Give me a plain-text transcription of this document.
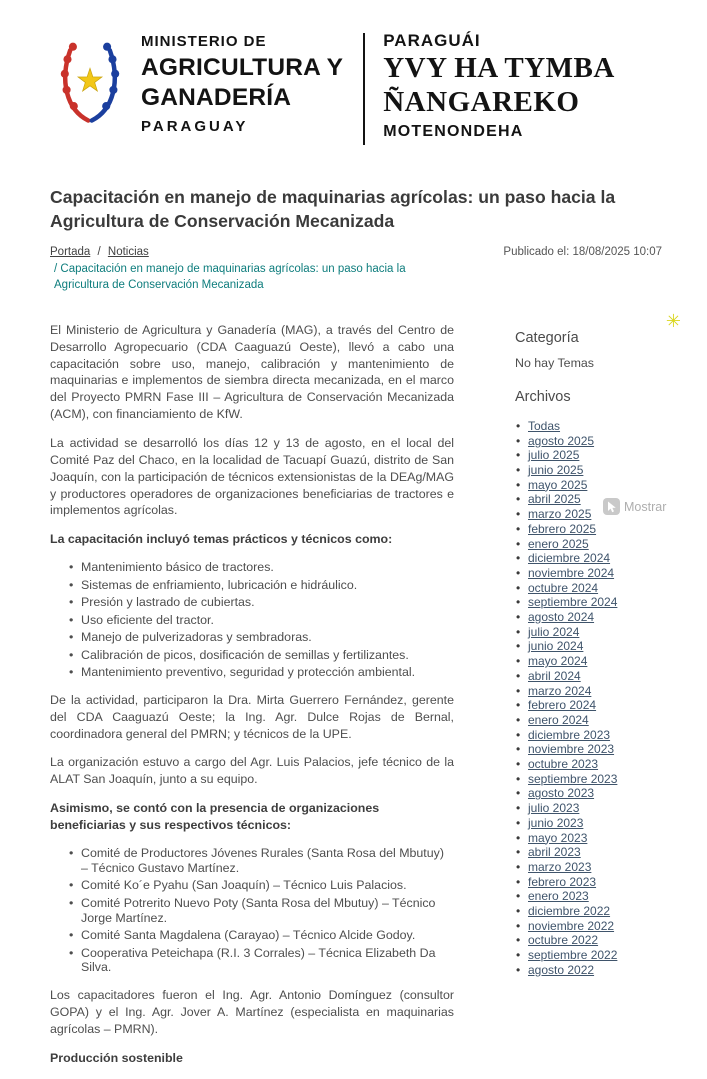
MINISTERIO DE
AGRICULTURA Y
GANADERÍA
PARAGUAY
PARAGUÁI
YVY HA TYMBA
ÑANGAREKO
MOTENONDEHA
Capacitación en manejo de maquinarias agrícolas: un paso hacia la Agricultura de Conservación Mecanizada
Portada / Noticias	Publicado el: 18/08/2025 10:07
/ Capacitación en manejo de maquinarias agrícolas: un paso hacia la Agricultura de Conservación Mecanizada

El Ministerio de Agricultura y Ganadería (MAG), a través del Centro de Desarrollo Agropecuario (CDA Caaguazú Oeste), llevó a cabo una capacitación sobre uso, manejo, calibración y mantenimiento de maquinarias e implementos de siembra directa mecanizada, en el marco del Proyecto PMRN Fase III – Agricultura de Conservación Mecanizada (ACM), con financiamiento de KfW.

La actividad se desarrolló los días 12 y 13 de agosto, en el local del Comité Paz del Chaco, en la localidad de Tacuapí Guazú, distrito de San Joaquín, con la participación de técnicos extensionistas de la DEAg/MAG y productores operadores de organizaciones beneficiarias de tractores e implementos agrícolas.

La capacitación incluyó temas prácticos y técnicos como:

• Mantenimiento básico de tractores.
• Sistemas de enfriamiento, lubricación e hidráulico.
• Presión y lastrado de cubiertas.
• Uso eficiente del tractor.
• Manejo de pulverizadoras y sembradoras.
• Calibración de picos, dosificación de semillas y fertilizantes.
• Mantenimiento preventivo, seguridad y protección ambiental.

De la actividad, participaron la Dra. Mirta Guerrero Fernández, gerente del CDA Caaguazú Oeste; la Ing. Agr. Dulce Rojas de Bernal, coordinadora general del PMRN; y técnicos de la UPE.

La organización estuvo a cargo del Agr. Luis Palacios, jefe técnico de la ALAT San Joaquín, junto a su equipo.

Asimismo, se contó con la presencia de organizaciones beneficiarias y sus respectivos técnicos:

• Comité de Productores Jóvenes Rurales (Santa Rosa del Mbutuy) – Técnico Gustavo Martínez.
• Comité Ko´e Pyahu (San Joaquín) – Técnico Luis Palacios.
• Comité Potrerito Nuevo Poty (Santa Rosa del Mbutuy) – Técnico Jorge Martínez.
• Comité Santa Magdalena (Carayao) – Técnico Alcide Godoy.
• Cooperativa Peteichapa (R.I. 3 Corrales) – Técnica Elizabeth Da Silva.

Los capacitadores fueron el Ing. Agr. Antonio Domínguez (consultor GOPA) y el Ing. Agr. Jover A. Martínez (especialista en maquinarias agrícolas – PMRN).

Producción sostenible

Categoría
No hay Temas
Archivos
• Todas
• agosto 2025
• julio 2025
• junio 2025
• mayo 2025
• abril 2025
• marzo 2025
• febrero 2025
• enero 2025
• diciembre 2024
• noviembre 2024
• octubre 2024
• septiembre 2024
• agosto 2024
• julio 2024
• junio 2024
• mayo 2024
• abril 2024
• marzo 2024
• febrero 2024
• enero 2024
• diciembre 2023
• noviembre 2023
• octubre 2023
• septiembre 2023
• agosto 2023
• julio 2023
• junio 2023
• mayo 2023
• abril 2023
• marzo 2023
• febrero 2023
• enero 2023
• diciembre 2022
• noviembre 2022
• octubre 2022
• septiembre 2022
• agosto 2022
✳
Mostrar
